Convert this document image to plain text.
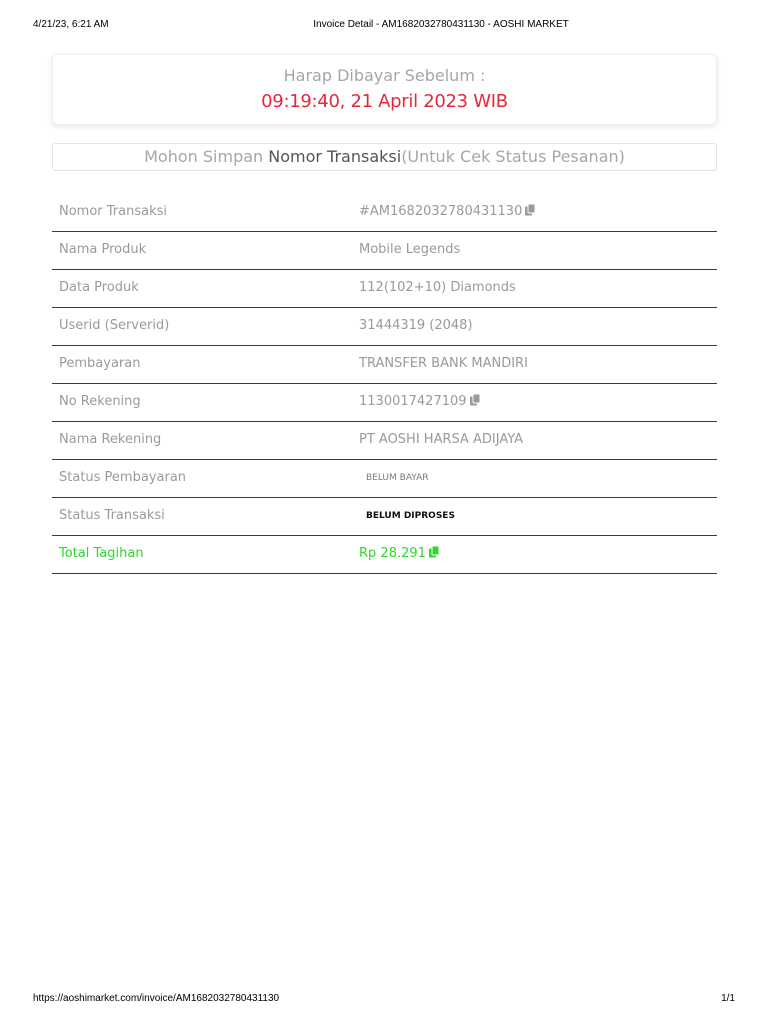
4/21/23, 6:21 AM	Invoice Detail - AM1682032780431130 - AOSHI MARKET
Harap Dibayar Sebelum :
09:19:40, 21 April 2023 WIB
Mohon Simpan Nomor Transaksi(Untuk Cek Status Pesanan)
Nomor Transaksi	#AM1682032780431130
Nama Produk	Mobile Legends
Data Produk	112(102+10) Diamonds
Userid (Serverid)	31444319 (2048)
Pembayaran	TRANSFER BANK MANDIRI
No Rekening	1130017427109
Nama Rekening	PT AOSHI HARSA ADIJAYA
Status Pembayaran	BELUM BAYAR
Status Transaksi	BELUM DIPROSES
Total Tagihan	Rp 28.291
https://aoshimarket.com/invoice/AM1682032780431130	1/1
